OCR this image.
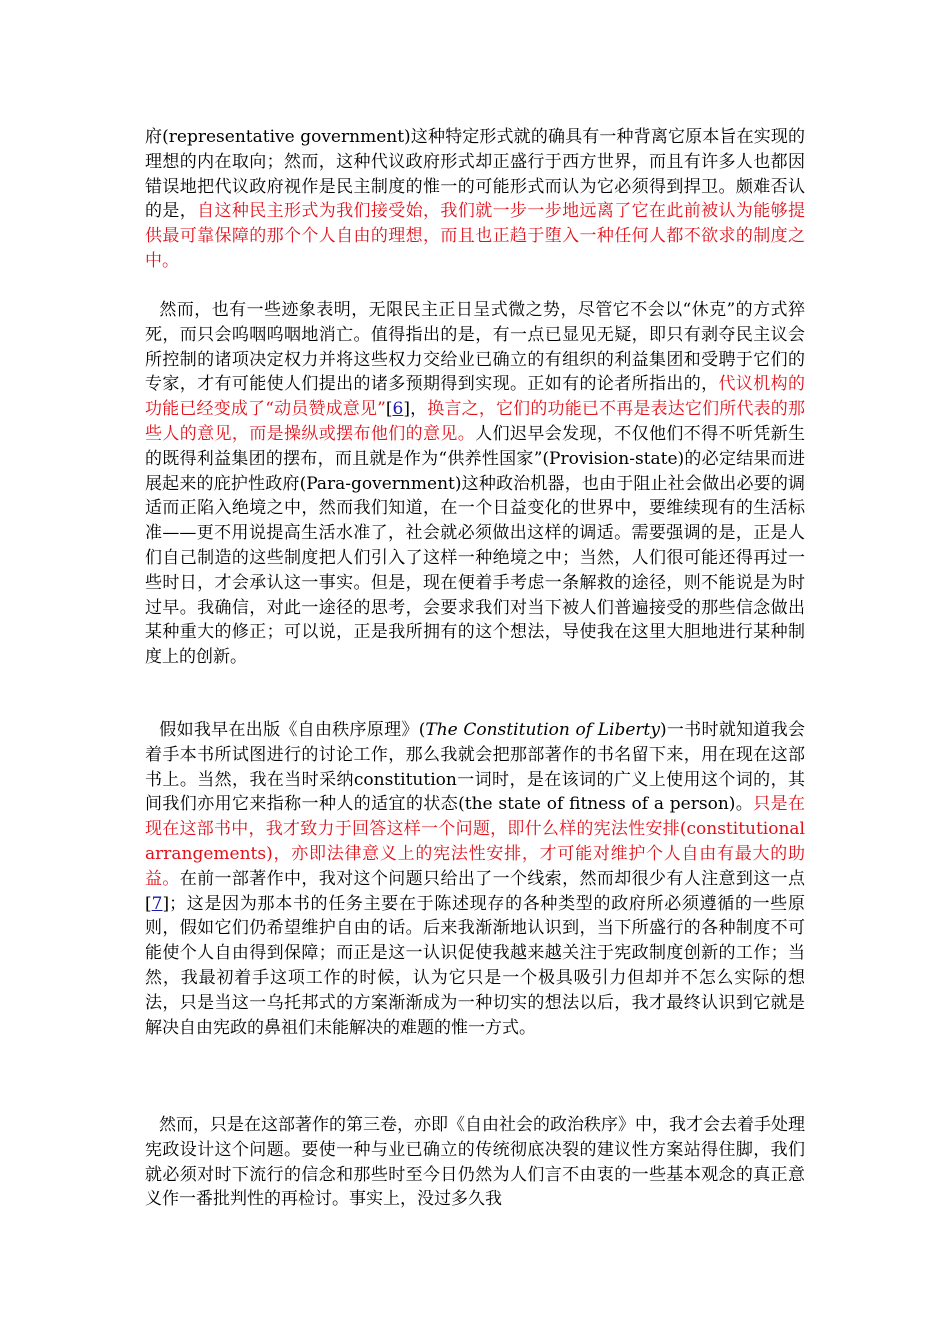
府(representative government)这种特定形式就的确具有一种背离它原本旨在实现的理想的内在取向；然而，这种代议政府形式却正盛行于西方世界，而且有许多人也都因错误地把代议政府视作是民主制度的惟一的可能形式而认为它必须得到捍卫。颇难否认的是，自这种民主形式为我们接受始，我们就一步一步地远离了它在此前被认为能够提供最可靠保障的那个个人自由的理想，而且也正趋于堕入一种任何人都不欲求的制度之中。

然而，也有一些迹象表明，无限民主正日呈式微之势，尽管它不会以“休克”的方式猝死，而只会呜咽呜咽地消亡。值得指出的是，有一点已显见无疑，即只有剥夺民主议会所控制的诸项决定权力并将这些权力交给业已确立的有组织的利益集团和受聘于它们的专家，才有可能使人们提出的诸多预期得到实现。正如有的论者所指出的，代议机构的功能已经变成了“动员赞成意见”[6]，换言之，它们的功能已不再是表达它们所代表的那些人的意见，而是操纵或摆布他们的意见。人们迟早会发现，不仅他们不得不听凭新生的既得利益集团的摆布，而且就是作为“供养性国家”(Provision-state)的必定结果而进展起来的庇护性政府(Para-government)这种政治机器，也由于阻止社会做出必要的调适而正陷入绝境之中，然而我们知道，在一个日益变化的世界中，要维续现有的生活标准——更不用说提高生活水准了，社会就必须做出这样的调适。需要强调的是，正是人们自己制造的这些制度把人们引入了这样一种绝境之中；当然，人们很可能还得再过一些时日，才会承认这一事实。但是，现在便着手考虑一条解救的途径，则不能说是为时过早。我确信，对此一途径的思考，会要求我们对当下被人们普遍接受的那些信念做出某种重大的修正；可以说，正是我所拥有的这个想法，导使我在这里大胆地进行某种制度上的创新。

假如我早在出版《自由秩序原理》(The Constitution of Liberty)一书时就知道我会着手本书所试图进行的讨论工作，那么我就会把那部著作的书名留下来，用在现在这部书上。当然，我在当时采纳constitution一词时，是在该词的广义上使用这个词的，其间我们亦用它来指称一种人的适宜的状态(the state of fitness of a person)。只是在现在这部书中，我才致力于回答这样一个问题，即什么样的宪法性安排(constitutional arrangements)，亦即法律意义上的宪法性安排，才可能对维护个人自由有最大的助益。在前一部著作中，我对这个问题只给出了一个线索，然而却很少有人注意到这一点[7]；这是因为那本书的任务主要在于陈述现存的各种类型的政府所必须遵循的一些原则，假如它们仍希望维护自由的话。后来我渐渐地认识到，当下所盛行的各种制度不可能使个人自由得到保障；而正是这一认识促使我越来越关注于宪政制度创新的工作；当然，我最初着手这项工作的时候，认为它只是一个极具吸引力但却并不怎么实际的想法，只是当这一乌托邦式的方案渐渐成为一种切实的想法以后，我才最终认识到它就是解决自由宪政的鼻祖们未能解决的难题的惟一方式。

然而，只是在这部著作的第三卷，亦即《自由社会的政治秩序》中，我才会去着手处理宪政设计这个问题。要使一种与业已确立的传统彻底决裂的建议性方案站得住脚，我们就必须对时下流行的信念和那些时至今日仍然为人们言不由衷的一些基本观念的真正意义作一番批判性的再检讨。事实上，没过多久我
